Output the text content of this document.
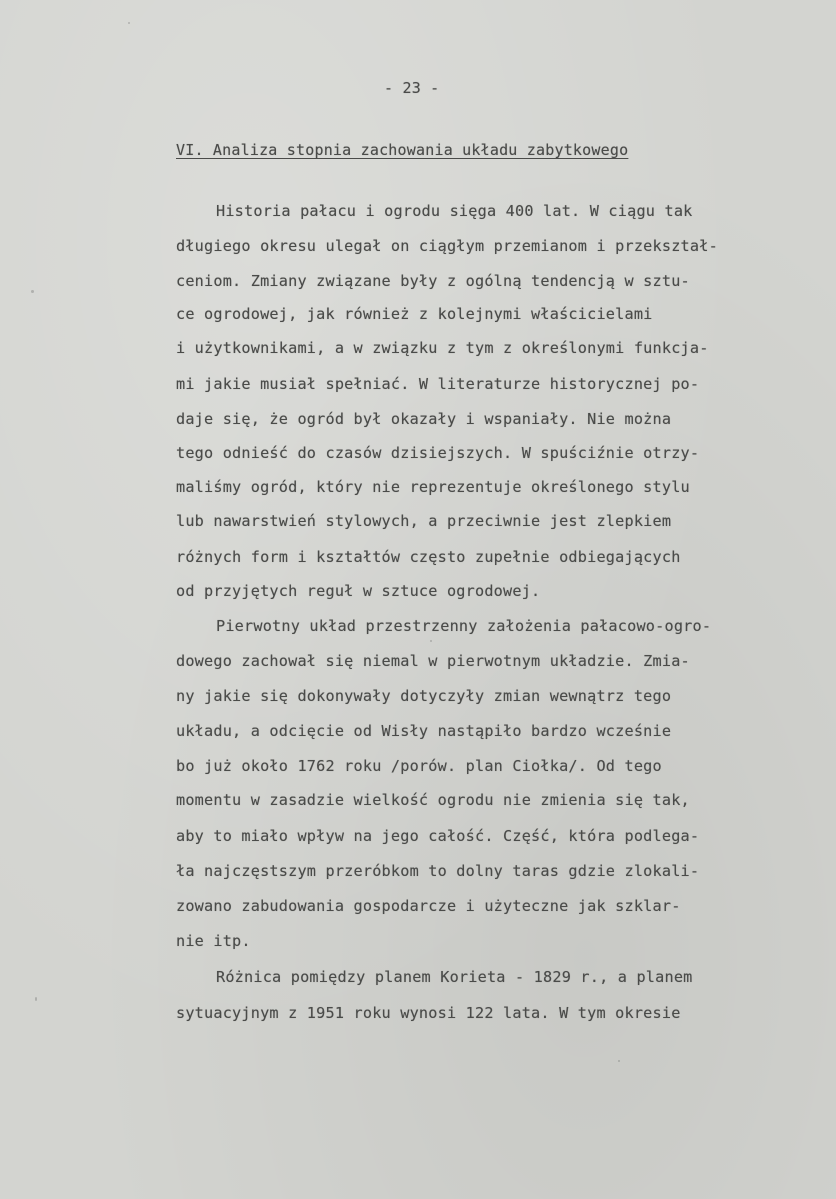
- 23 -
VI. Analiza stopnia zachowania układu zabytkowego
Historia pałacu i ogrodu sięga 400 lat. W ciągu tak
długiego okresu ulegał on ciągłym przemianom i przekształ-
ceniom. Zmiany związane były z ogólną tendencją w sztu-
ce ogrodowej, jak również z kolejnymi właścicielami
i użytkownikami, a w związku z tym z określonymi funkcja-
mi jakie musiał spełniać. W literaturze historycznej po-
daje się, że ogród był okazały i wspaniały. Nie można
tego odnieść do czasów dzisiejszych. W spuściźnie otrzy-
maliśmy ogród, który nie reprezentuje określonego stylu
lub nawarstwień stylowych, a przeciwnie jest zlepkiem
różnych form i kształtów często zupełnie odbiegających
od przyjętych reguł w sztuce ogrodowej.
Pierwotny układ przestrzenny założenia pałacowo-ogro-
dowego zachował się niemal w pierwotnym układzie. Zmia-
ny jakie się dokonywały dotyczyły zmian wewnątrz tego
układu, a odcięcie od Wisły nastąpiło bardzo wcześnie
bo już około 1762 roku /porów. plan Ciołka/. Od tego
momentu w zasadzie wielkość ogrodu nie zmienia się tak,
aby to miało wpływ na jego całość. Część, która podlega-
ła najczęstszym przeróbkom to dolny taras gdzie zlokali-
zowano zabudowania gospodarcze i użyteczne jak szklar-
nie itp.
Różnica pomiędzy planem Korieta - 1829 r., a planem
sytuacyjnym z 1951 roku wynosi 122 lata. W tym okresie
